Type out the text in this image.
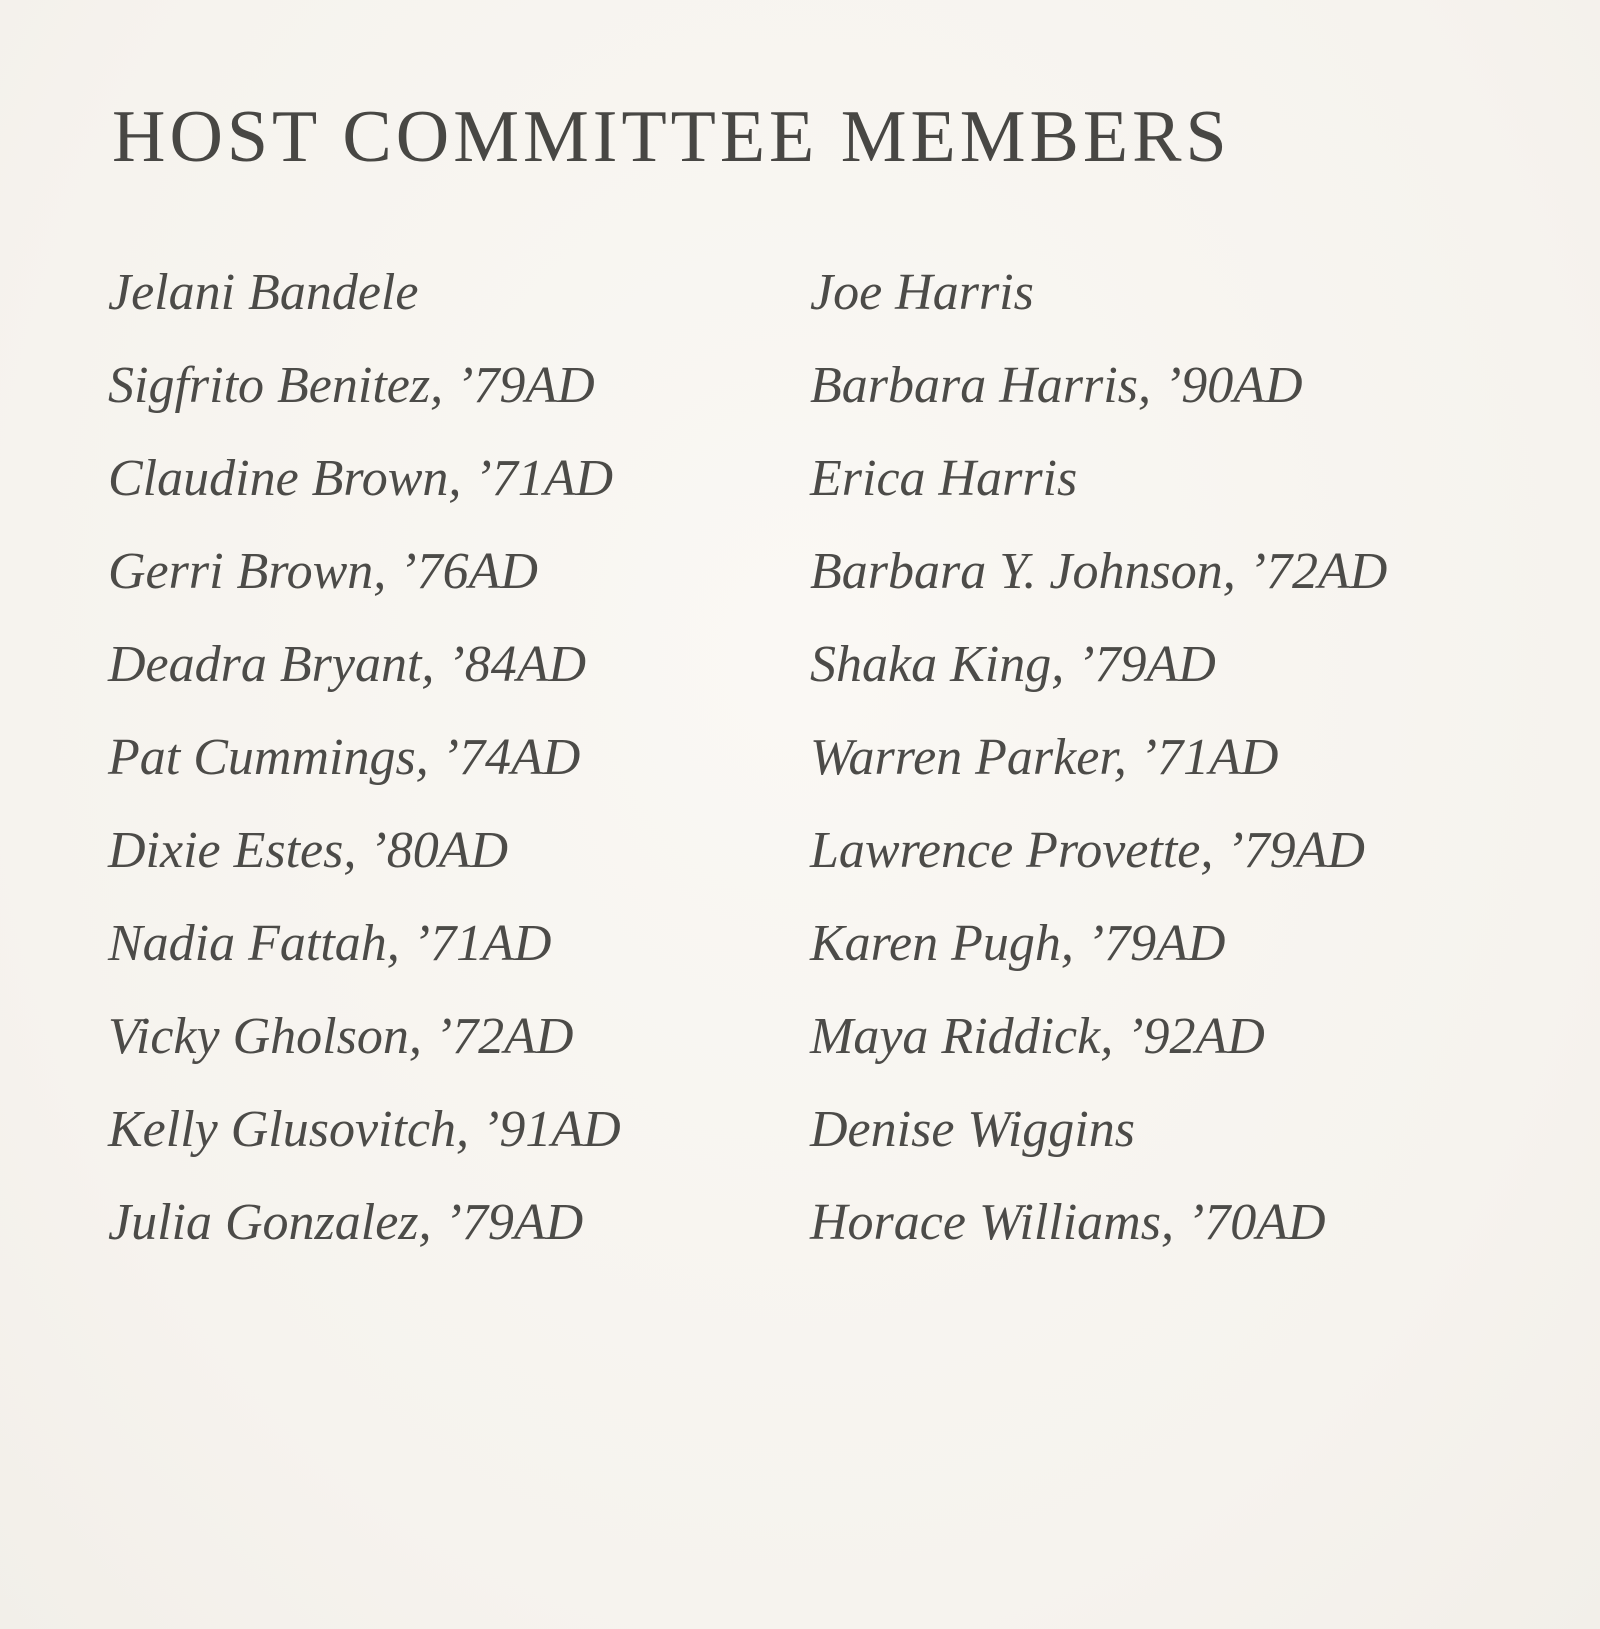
HOST COMMITTEE MEMBERS
Jelani Bandele
Sigfrito Benitez, ’79AD
Claudine Brown, ’71AD
Gerri Brown, ’76AD
Deadra Bryant, ’84AD
Pat Cummings, ’74AD
Dixie Estes, ’80AD
Nadia Fattah, ’71AD
Vicky Gholson, ’72AD
Kelly Glusovitch, ’91AD
Julia Gonzalez, ’79AD
Joe Harris
Barbara Harris, ’90AD
Erica Harris
Barbara Y. Johnson, ’72AD
Shaka King, ’79AD
Warren Parker, ’71AD
Lawrence Provette, ’79AD
Karen Pugh, ’79AD
Maya Riddick, ’92AD
Denise Wiggins
Horace Williams, ’70AD
